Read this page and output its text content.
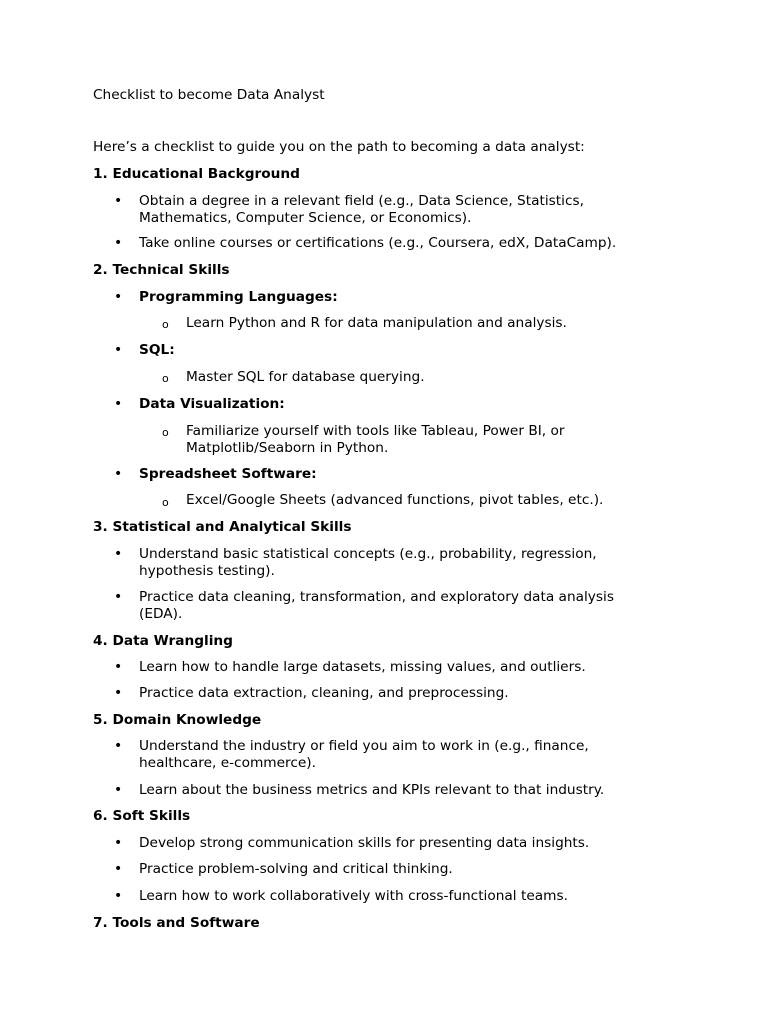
Checklist to become Data Analyst

Here’s a checklist to guide you on the path to becoming a data analyst:

1. Educational Background
• Obtain a degree in a relevant field (e.g., Data Science, Statistics, Mathematics, Computer Science, or Economics).
• Take online courses or certifications (e.g., Coursera, edX, DataCamp).
2. Technical Skills
• Programming Languages:
o Learn Python and R for data manipulation and analysis.
• SQL:
o Master SQL for database querying.
• Data Visualization:
o Familiarize yourself with tools like Tableau, Power BI, or Matplotlib/Seaborn in Python.
• Spreadsheet Software:
o Excel/Google Sheets (advanced functions, pivot tables, etc.).
3. Statistical and Analytical Skills
• Understand basic statistical concepts (e.g., probability, regression, hypothesis testing).
• Practice data cleaning, transformation, and exploratory data analysis (EDA).
4. Data Wrangling
• Learn how to handle large datasets, missing values, and outliers.
• Practice data extraction, cleaning, and preprocessing.
5. Domain Knowledge
• Understand the industry or field you aim to work in (e.g., finance, healthcare, e-commerce).
• Learn about the business metrics and KPIs relevant to that industry.
6. Soft Skills
• Develop strong communication skills for presenting data insights.
• Practice problem-solving and critical thinking.
• Learn how to work collaboratively with cross-functional teams.
7. Tools and Software
